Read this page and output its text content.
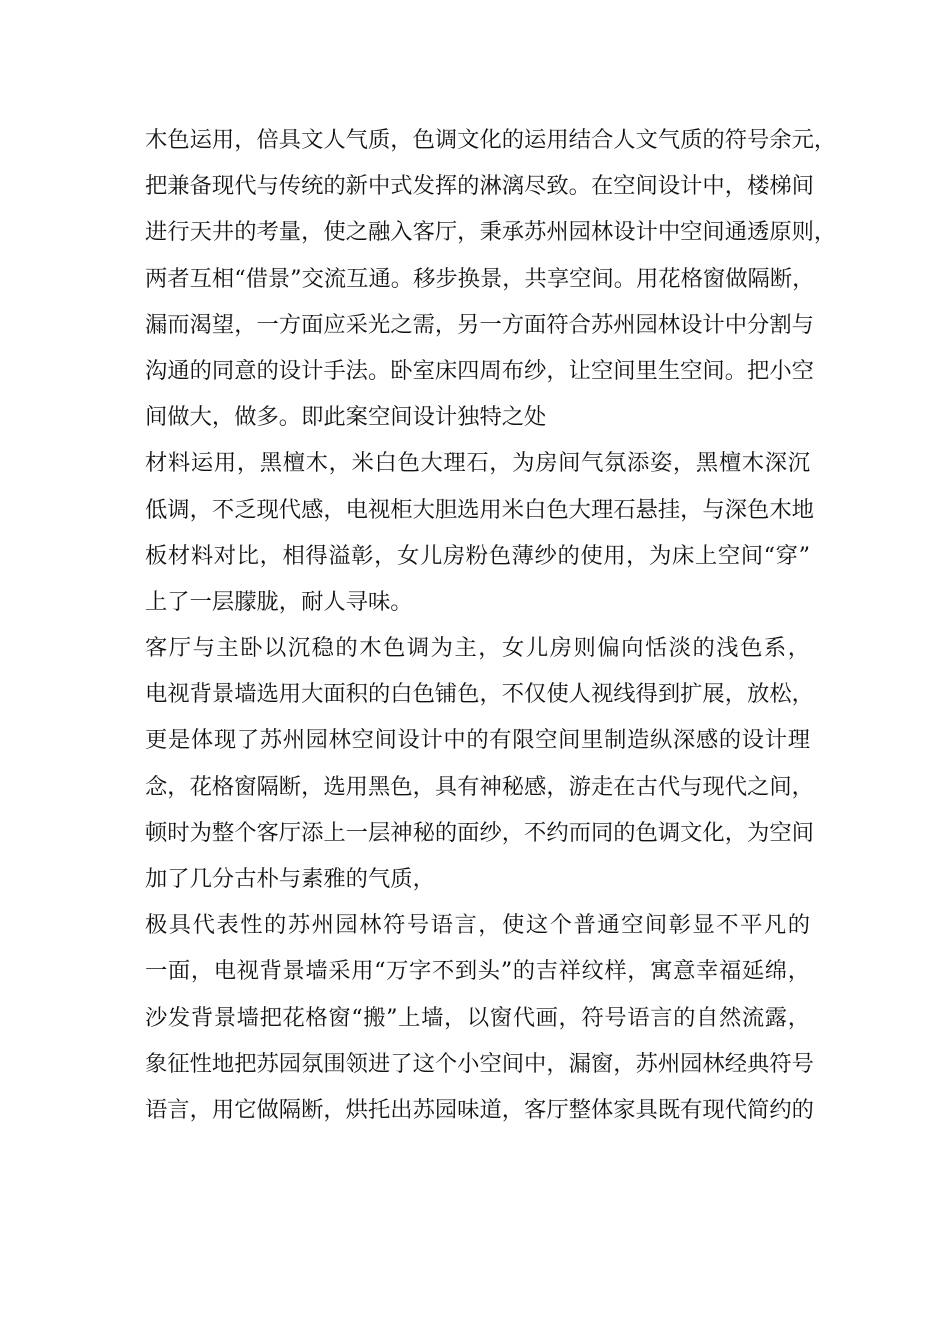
木色运用，倍具文人气质，色调文化的运用结合人文气质的符号余元，
把兼备现代与传统的新中式发挥的淋漓尽致。在空间设计中，楼梯间
进行天井的考量，使之融入客厅，秉承苏州园林设计中空间通透原则，
两者互相“借景”交流互通。移步换景，共享空间。用花格窗做隔断，
漏而渴望，一方面应采光之需，另一方面符合苏州园林设计中分割与
沟通的同意的设计手法。卧室床四周布纱，让空间里生空间。把小空
间做大，做多。即此案空间设计独特之处

材料运用，黑檀木，米白色大理石，为房间气氛添姿，黑檀木深沉
低调，不乏现代感，电视柜大胆选用米白色大理石悬挂，与深色木地
板材料对比，相得溢彰，女儿房粉色薄纱的使用，为床上空间“穿”
上了一层朦胧，耐人寻味。

客厅与主卧以沉稳的木色调为主，女儿房则偏向恬淡的浅色系，
电视背景墙选用大面积的白色铺色，不仅使人视线得到扩展，放松，
更是体现了苏州园林空间设计中的有限空间里制造纵深感的设计理
念，花格窗隔断，选用黑色，具有神秘感，游走在古代与现代之间，
顿时为整个客厅添上一层神秘的面纱，不约而同的色调文化，为空间
加了几分古朴与素雅的气质，

极具代表性的苏州园林符号语言，使这个普通空间彰显不平凡的
一面，电视背景墙采用“万字不到头”的吉祥纹样，寓意幸福延绵，
沙发背景墙把花格窗“搬”上墙，以窗代画，符号语言的自然流露，
象征性地把苏园氛围领进了这个小空间中，漏窗，苏州园林经典符号
语言，用它做隔断，烘托出苏园味道，客厅整体家具既有现代简约的
